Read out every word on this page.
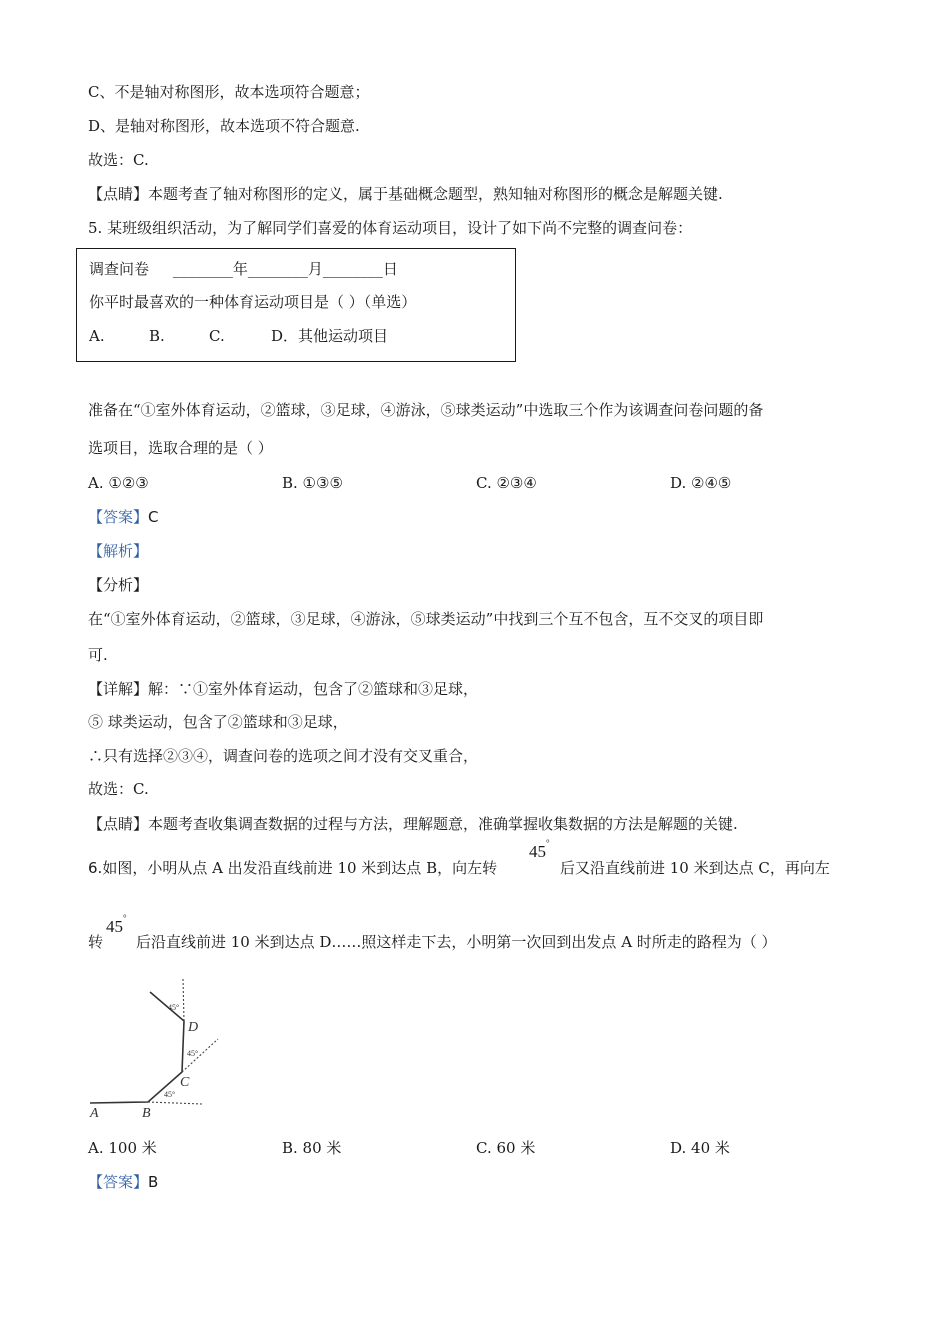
C、不是轴对称图形，故本选项符合题意；
D、是轴对称图形，故本选项不符合题意.
故选：C.
【点睛】本题考查了轴对称图形的定义，属于基础概念题型，熟知轴对称图形的概念是解题关键.
5. 某班级组织活动，为了解同学们喜爱的体育运动项目，设计了如下尚不完整的调查问卷：
调查问卷 ________年________月________日
你平时最喜欢的一种体育运动项目是（ ）（单选）
A.	B.	C.	D．其他运动项目
准备在“①室外体育运动，②篮球，③足球，④游泳，⑤球类运动”中选取三个作为该调查问卷问题的备
选项目，选取合理的是（ ）
A. ①②③	B. ①③⑤	C. ②③④	D. ②④⑤
【答案】C
【解析】
【分析】
在“①室外体育运动，②篮球，③足球，④游泳，⑤球类运动”中找到三个互不包含，互不交叉的项目即
可.
【详解】解：∵①室外体育运动，包含了②篮球和③足球，
⑤ 球类运动，包含了②篮球和③足球，
∴只有选择②③④，调查问卷的选项之间才没有交叉重合，
故选：C.
【点睛】本题考查收集调查数据的过程与方法，理解题意，准确掌握收集数据的方法是解题的关键.
6.如图，小明从点 A 出发沿直线前进 10 米到达点 B，向左转
45°
后又沿直线前进 10 米到达点 C，再向左
转
45°
后沿直线前进 10 米到达点 D……照这样走下去，小明第一次回到出发点 A 时所走的路程为（ ）
A	B
C
D
45°
45°
45°
A. 100 米	B. 80 米	C. 60 米	D. 40 米
【答案】B
